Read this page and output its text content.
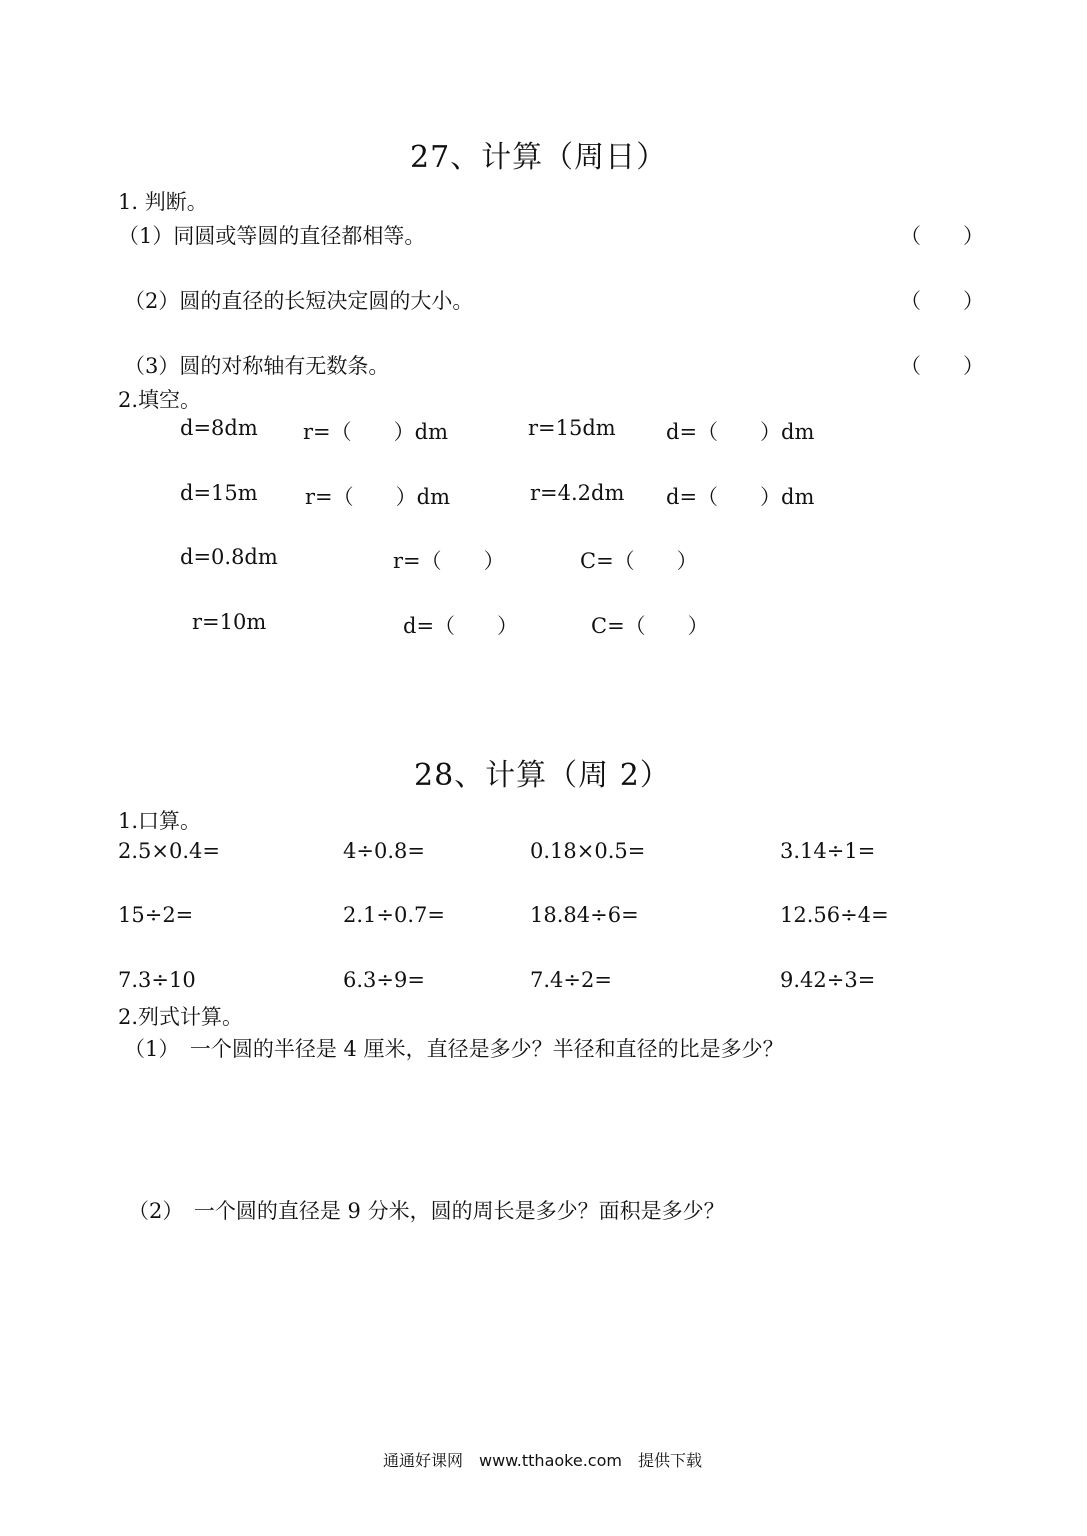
27、计算（周日）
1. 判断。
（1）同圆或等圆的直径都相等。	（　　）
（2）圆的直径的长短决定圆的大小。	（　　）
（3）圆的对称轴有无数条。	（　　）
2.填空。
d=8dm r=（　　）dm	r=15dm d=（　　）dm
d=15m r=（　　）dm	r=4.2dm d=（　　）dm
d=0.8dm	r=（　　）	C=（　　）
r=10m	d=（　　）	C=（　　）
28、计算（周 2）
1.口算。
2.5×0.4=	4÷0.8=	0.18×0.5=	3.14÷1=
15÷2=	2.1÷0.7=	18.84÷6=	12.56÷4=
7.3÷10	6.3÷9=	7.4÷2=	9.42÷3=
2.列式计算。
（1）　一个圆的半径是 4 厘米，直径是多少？半径和直径的比是多少？
（2）　一个圆的直径是 9 分米，圆的周长是多少？面积是多少？
通通好课网　www.tthaoke.com　提供下载
